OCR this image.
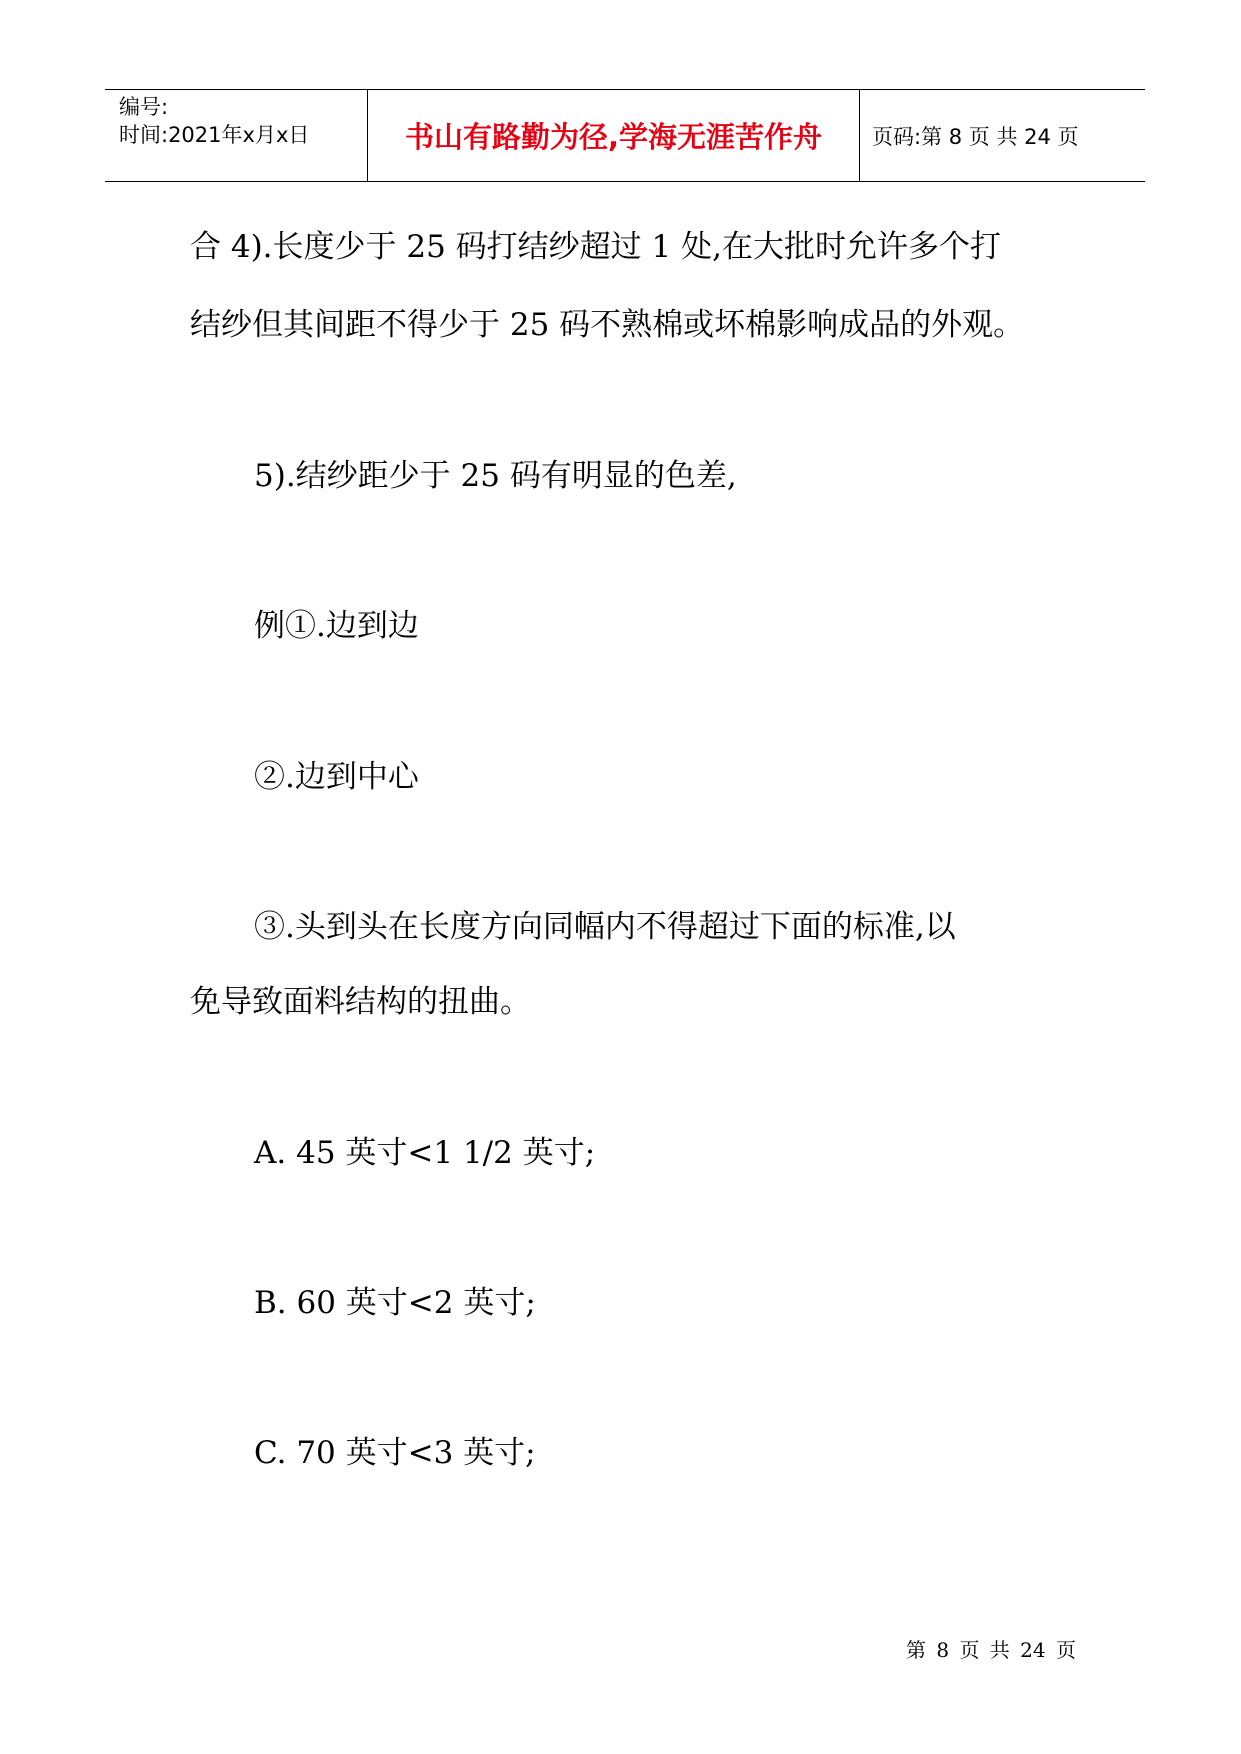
编号:
时间:2021年x月x日	书山有路勤为径,学海无涯苦作舟	页码:第 8 页 共 24 页
合 4).长度少于 25 码打结纱超过 1 处,在大批时允许多个打
结纱但其间距不得少于 25 码不熟棉或坏棉影响成品的外观。
5).结纱距少于 25 码有明显的色差,
例①.边到边
②.边到中心
③.头到头在长度方向同幅内不得超过下面的标准,以
免导致面料结构的扭曲。
A. 45 英寸<1 1/2 英寸;
B. 60 英寸<2 英寸;
C. 70 英寸<3 英寸;
第 8 页 共 24 页
